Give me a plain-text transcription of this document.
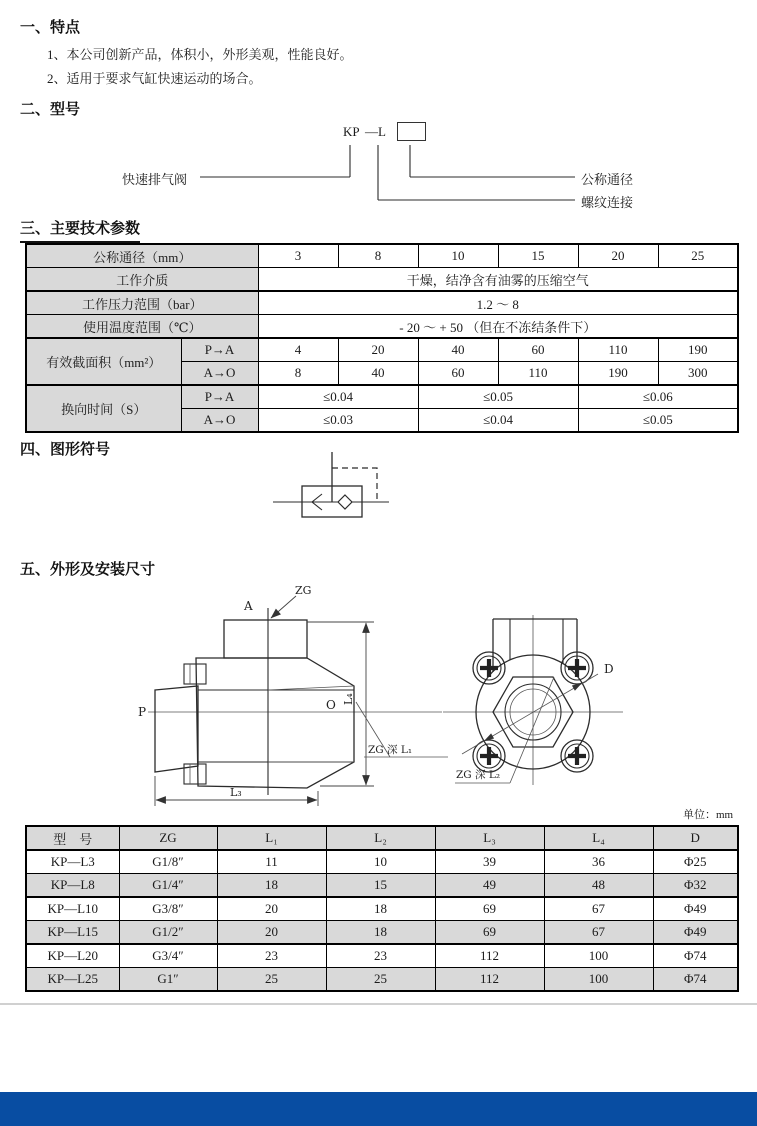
一、特点
1、本公司创新产品，体积小，外形美观，性能良好。
2、适用于要求气缸快速运动的场合。
二、型号
KP —L
快速排气阀	公称通径
螺纹连接
三、主要技术参数
公称通径（mm）		3	8	10	15	20	25
工作介质		干燥，结净含有油雾的压缩空气					
工作压力范围（bar）		1.2 ～ 8					
使用温度范围（℃）		- 20 ～ + 50 （但在不冻结条件下）					
有效截面积（mm²）	P→A	4	20	40	60	110	190
	A→O	8	40	60	110	190	300
换向时间（S）	P→A	≤0.04		≤0.05		≤0.06	
	A→O	≤0.03		≤0.04		≤0.05	
四、图形符号
五、外形及安装尺寸
A
ZG
P	O L₄
L₃
ZG 深 L₁
D
ZG 深 L₂
单位：mm
型　号	ZG	L₁	L₂	L₃	L₄	D
KP—L3	G1/8″	11	10	39	36	Φ25
KP—L8	G1/4″	18	15	49	48	Φ32
KP—L10	G3/8″	20	18	69	67	Φ49
KP—L15	G1/2″	20	18	69	67	Φ49
KP—L20	G3/4″	23	23	112	100	Φ74
KP—L25	G1″	25	25	112	100	Φ74
